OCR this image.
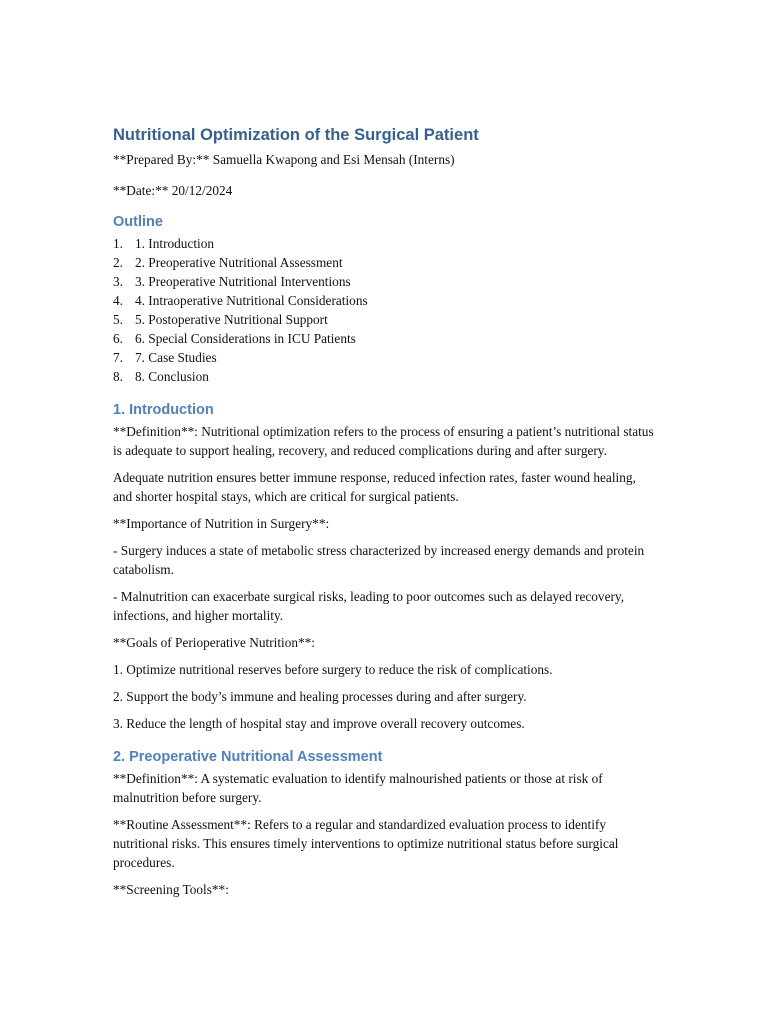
Nutritional Optimization of the Surgical Patient

**Prepared By:** Samuella Kwapong and Esi Mensah (Interns)

**Date:** 20/12/2024

Outline
1. 1. Introduction
2. 2. Preoperative Nutritional Assessment
3. 3. Preoperative Nutritional Interventions
4. 4. Intraoperative Nutritional Considerations
5. 5. Postoperative Nutritional Support
6. 6. Special Considerations in ICU Patients
7. 7. Case Studies
8. 8. Conclusion
1. Introduction

**Definition**: Nutritional optimization refers to the process of ensuring a patient’s nutritional status is adequate to support healing, recovery, and reduced complications during and after surgery.

Adequate nutrition ensures better immune response, reduced infection rates, faster wound healing, and shorter hospital stays, which are critical for surgical patients.

**Importance of Nutrition in Surgery**:

- Surgery induces a state of metabolic stress characterized by increased energy demands and protein catabolism.

- Malnutrition can exacerbate surgical risks, leading to poor outcomes such as delayed recovery, infections, and higher mortality.

**Goals of Perioperative Nutrition**:

1. Optimize nutritional reserves before surgery to reduce the risk of complications.

2. Support the body’s immune and healing processes during and after surgery.

3. Reduce the length of hospital stay and improve overall recovery outcomes.

2. Preoperative Nutritional Assessment

**Definition**: A systematic evaluation to identify malnourished patients or those at risk of malnutrition before surgery.

**Routine Assessment**: Refers to a regular and standardized evaluation process to identify nutritional risks. This ensures timely interventions to optimize nutritional status before surgical procedures.

**Screening Tools**:
